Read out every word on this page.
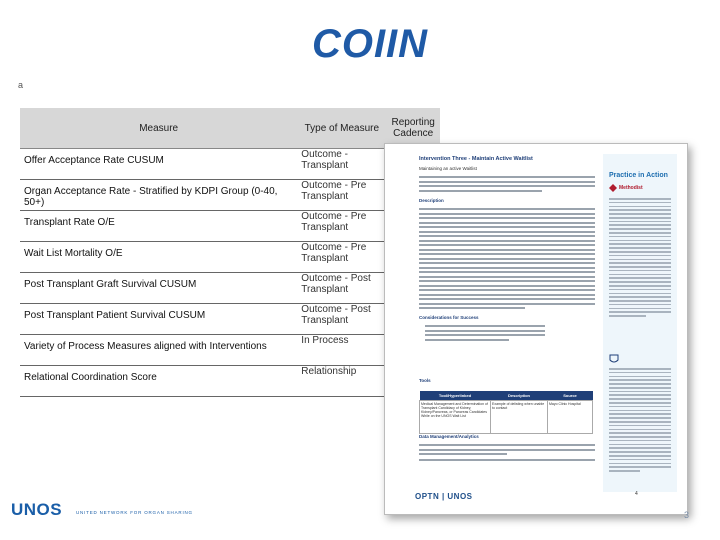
COIIN
a
Measure	Type of Measure	Reporting Cadence
Offer Acceptance Rate CUSUM	Outcome - Transplant	
Organ Acceptance Rate - Stratified by KDPI Group (0-40, 50+)	Outcome - Pre Transplant	
Transplant Rate O/E	Outcome - Pre Transplant	
Wait List Mortality O/E	Outcome - Pre Transplant	
Post Transplant Graft Survival CUSUM	Outcome - Post Transplant	
Post Transplant Patient Survival CUSUM	Outcome - Post Transplant	
Variety of Process Measures aligned with Interventions	In Process	
Relational Coordination Score	Relationship	
Intervention Three - Maintain Active Waitlist
Maintaining an active Waitlist
Description
Considerations for Success
Tools
Tool/Hyperlinked	Description	Source
Medical Management and Determination of Transplant Candidacy of Kidney, Kidney/Pancreas, or Pancreas Candidates While on the UNOS Wait List	Example of delisting when unable to contact	Mayo Clinic Hospital
Data Management/Analytics
Practice in Action
Methodist
OPTN | UNOS	4
UNOS	UNITED NETWORK FOR ORGAN SHARING	3
